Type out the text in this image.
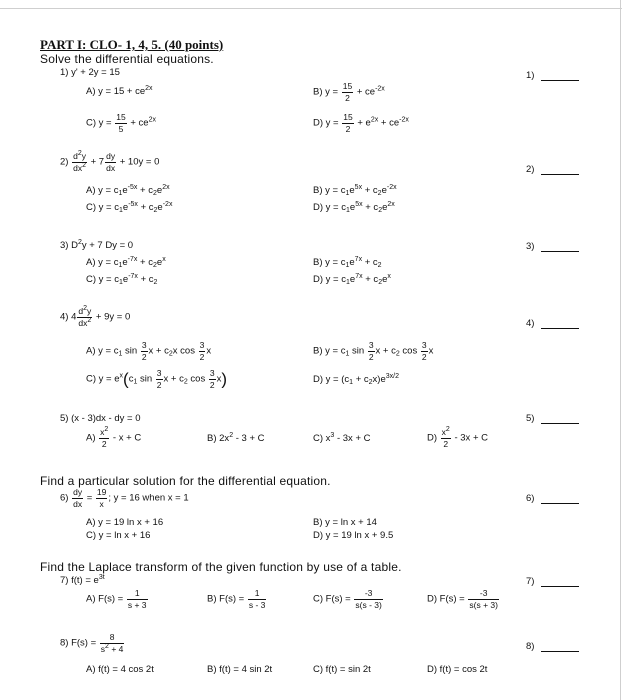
PART I: CLO- 1, 4, 5. (40 points)
Solve the differential equations.
1) y' + 2y = 15
A) $y = 15 + ce^{2x}$	B) $y = \frac{15}{2} + ce^{-2x}$
C) $y = \frac{15}{5} + ce^{2x}$	D) $y = \frac{15}{2} + e^{2x} + ce^{-2x}$
$2) \frac{d^2y}{dx^2} + 7 \frac{dy}{dx} + 10y = 0$
A) $y = c_1e^{-5x} + c_2e^{2x}$	B) $y = c_1e^{5x} + c_2e^{-2x}$
C) $y = c_1e^{-5x} + c_2e^{-2x}$	D) $y = c_1e^{5x} + c_2e^{2x}$
3) $D^2y + 7$ Dy = 0
A) $y = c_1e^{-7x} + c_2e^x$	B) $y = c_1e^{7x} + c_2$
C) $y = c_1e^{-7x} + c_2$	D) $y = c_1e^{7x} + c_2e^x$
4) $4 \frac{d^2y}{dx^2} + 9y = 0$
A) $y = c_1$ $\sin \frac{3}{2}$ $x + c_2x$ $\cos \frac{3}{2}$ x	B) $y = c_1$ $\sin \frac{3}{2}$ $x + c_2$ $\cos \frac{3}{2}$ x
C) $y = e^x(c_1$ $\sin \frac{3}{2}$ $x + c_2$ $\cos \frac{3}{2} x$)	D) $y = (c_1 + c_2x)e^{3x/2}$
5) (x - 3)dx - dy = 0
$A) \frac{x^2}{2} - x + C$	B) $2x^2 - 3 + C$	C) $x^3 - 3x + C$	$D) \frac{x^2}{2} - 3x + C$
Find a particular solution for the differential equation.
$6) \frac{dy}{dx} = \frac{19}{x}$ ; y = 16 when x = 1
A) y = 19 ln x + 16	B) y = ln x + 14
C) y = ln x + 16	D) y = 19 ln x + 9.5
Find the Laplace transform of the given function by use of a table.
7) $f(t) = e^{3t}$
A) $F(s) = \frac{1}{s + 3}$	B) $F(s) = \frac{1}{s - 3}$	C) $F(s) = \frac{-3}{s(s - 3)}$	D) $F(s) = \frac{-3}{s(s + 3)}$
8) $F(s) = \frac{8}{s^2 + 4}$
A) f(t) = 4 cos 2t	B) f(t) = 4 sin 2t	C) f(t) = sin 2t	D) f(t) = cos 2t
1)
2)
3)
4)
5)
6)
7)
8)
